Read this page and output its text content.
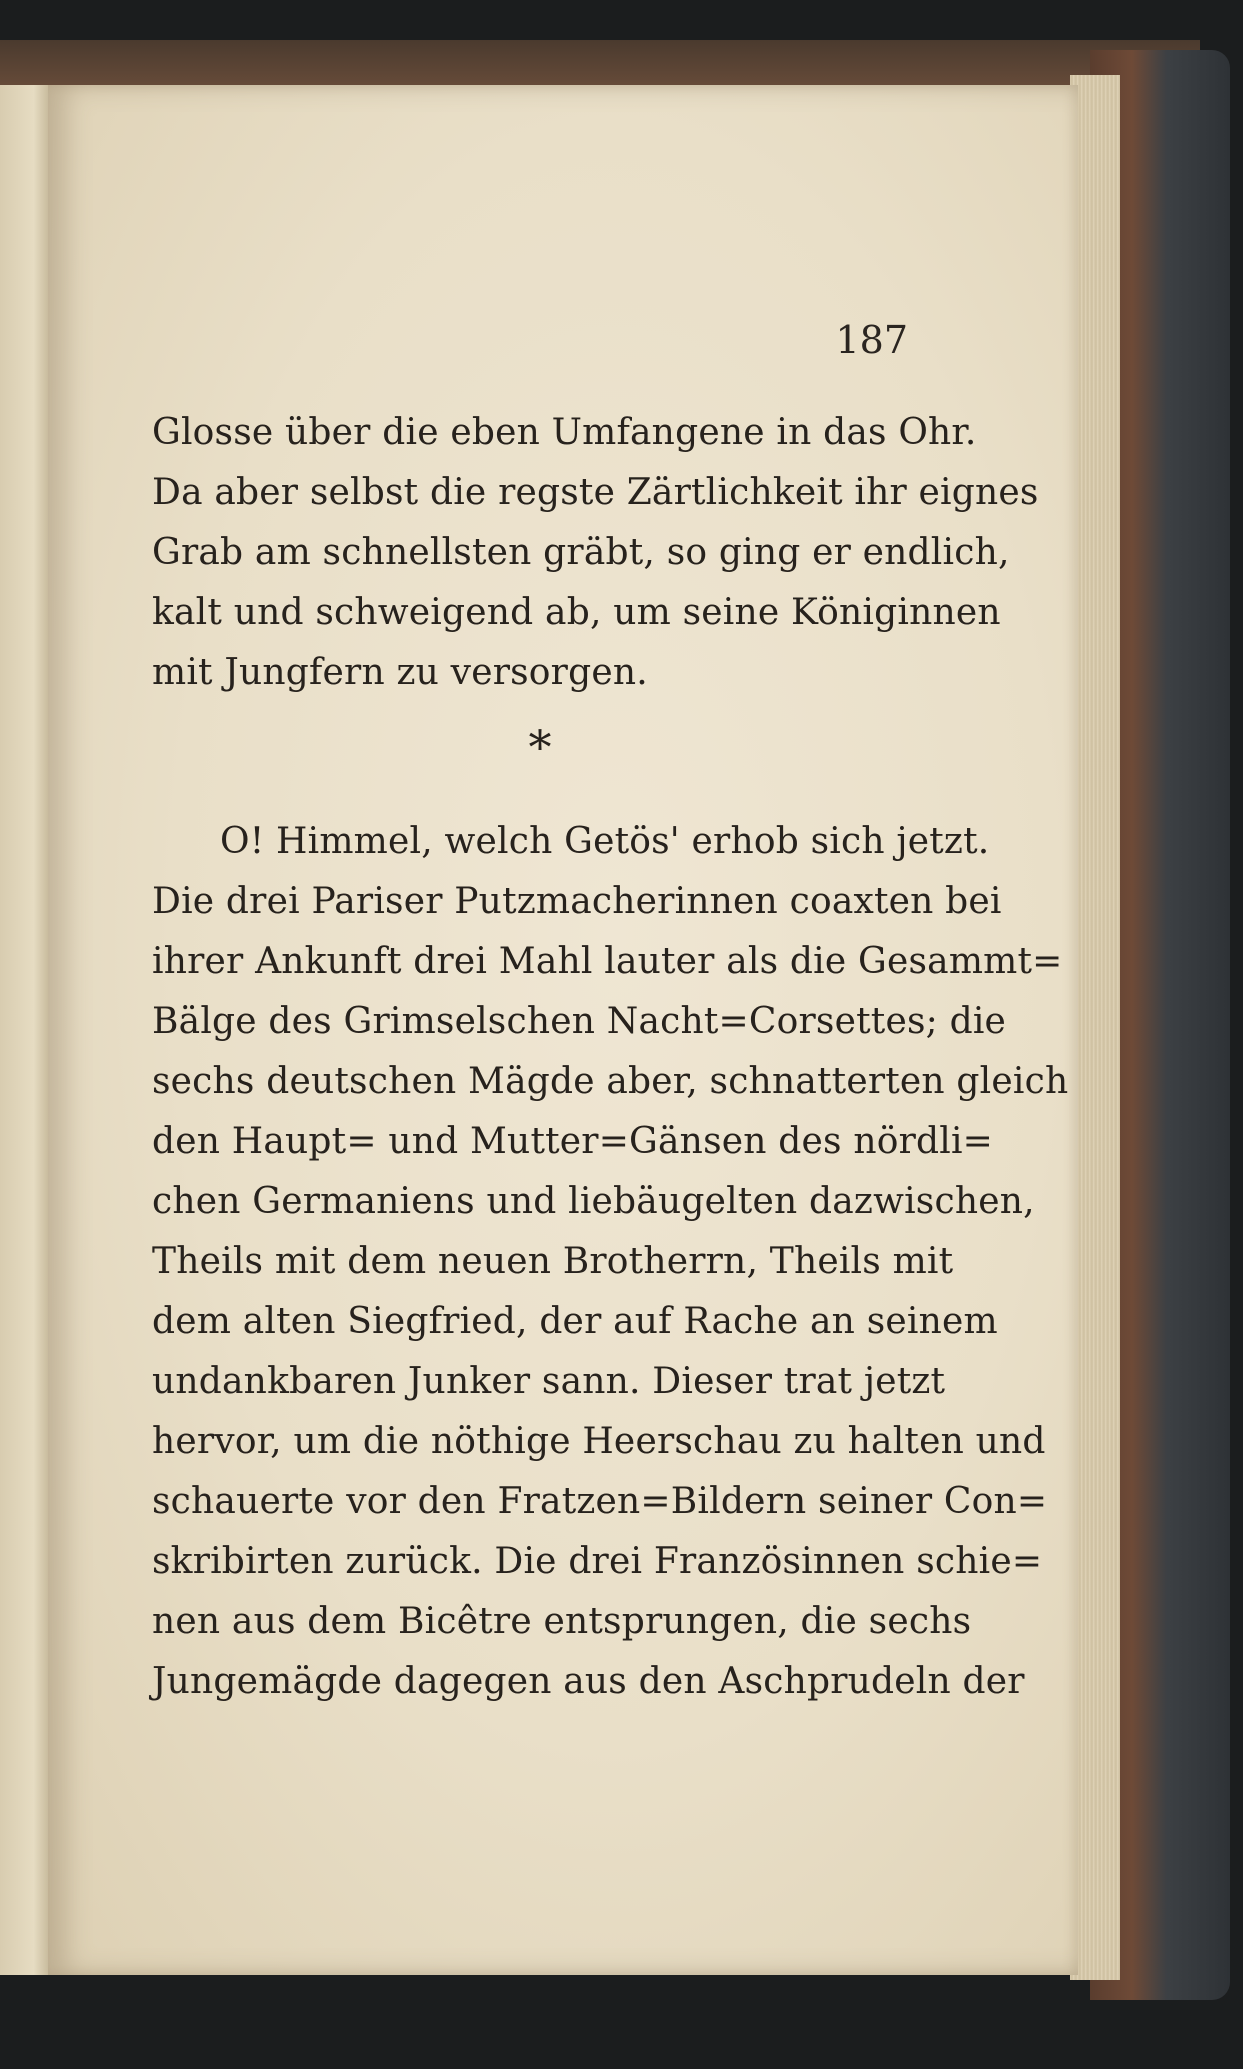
187
Glosse über die eben Umfangene in das Ohr.
Da aber selbst die regste Zärtlichkeit ihr eignes
Grab am schnellsten gräbt, so ging er endlich,
kalt und schweigend ab, um seine Königinnen
mit Jungfern zu versorgen.
*
O! Himmel, welch Getös' erhob sich jetzt.
Die drei Pariser Putzmacherinnen coaxten bei
ihrer Ankunft drei Mahl lauter als die Gesammt=
Bälge des Grimselschen Nacht=Corsettes; die
sechs deutschen Mägde aber, schnatterten gleich
den Haupt= und Mutter=Gänsen des nördli=
chen Germaniens und liebäugelten dazwischen,
Theils mit dem neuen Brotherrn, Theils mit
dem alten Siegfried, der auf Rache an seinem
undankbaren Junker sann. Dieser trat jetzt
hervor, um die nöthige Heerschau zu halten und
schauerte vor den Fratzen=Bildern seiner Con=
skribirten zurück. Die drei Französinnen schie=
nen aus dem Bicêtre entsprungen, die sechs
Jungemägde dagegen aus den Aschprudeln der
